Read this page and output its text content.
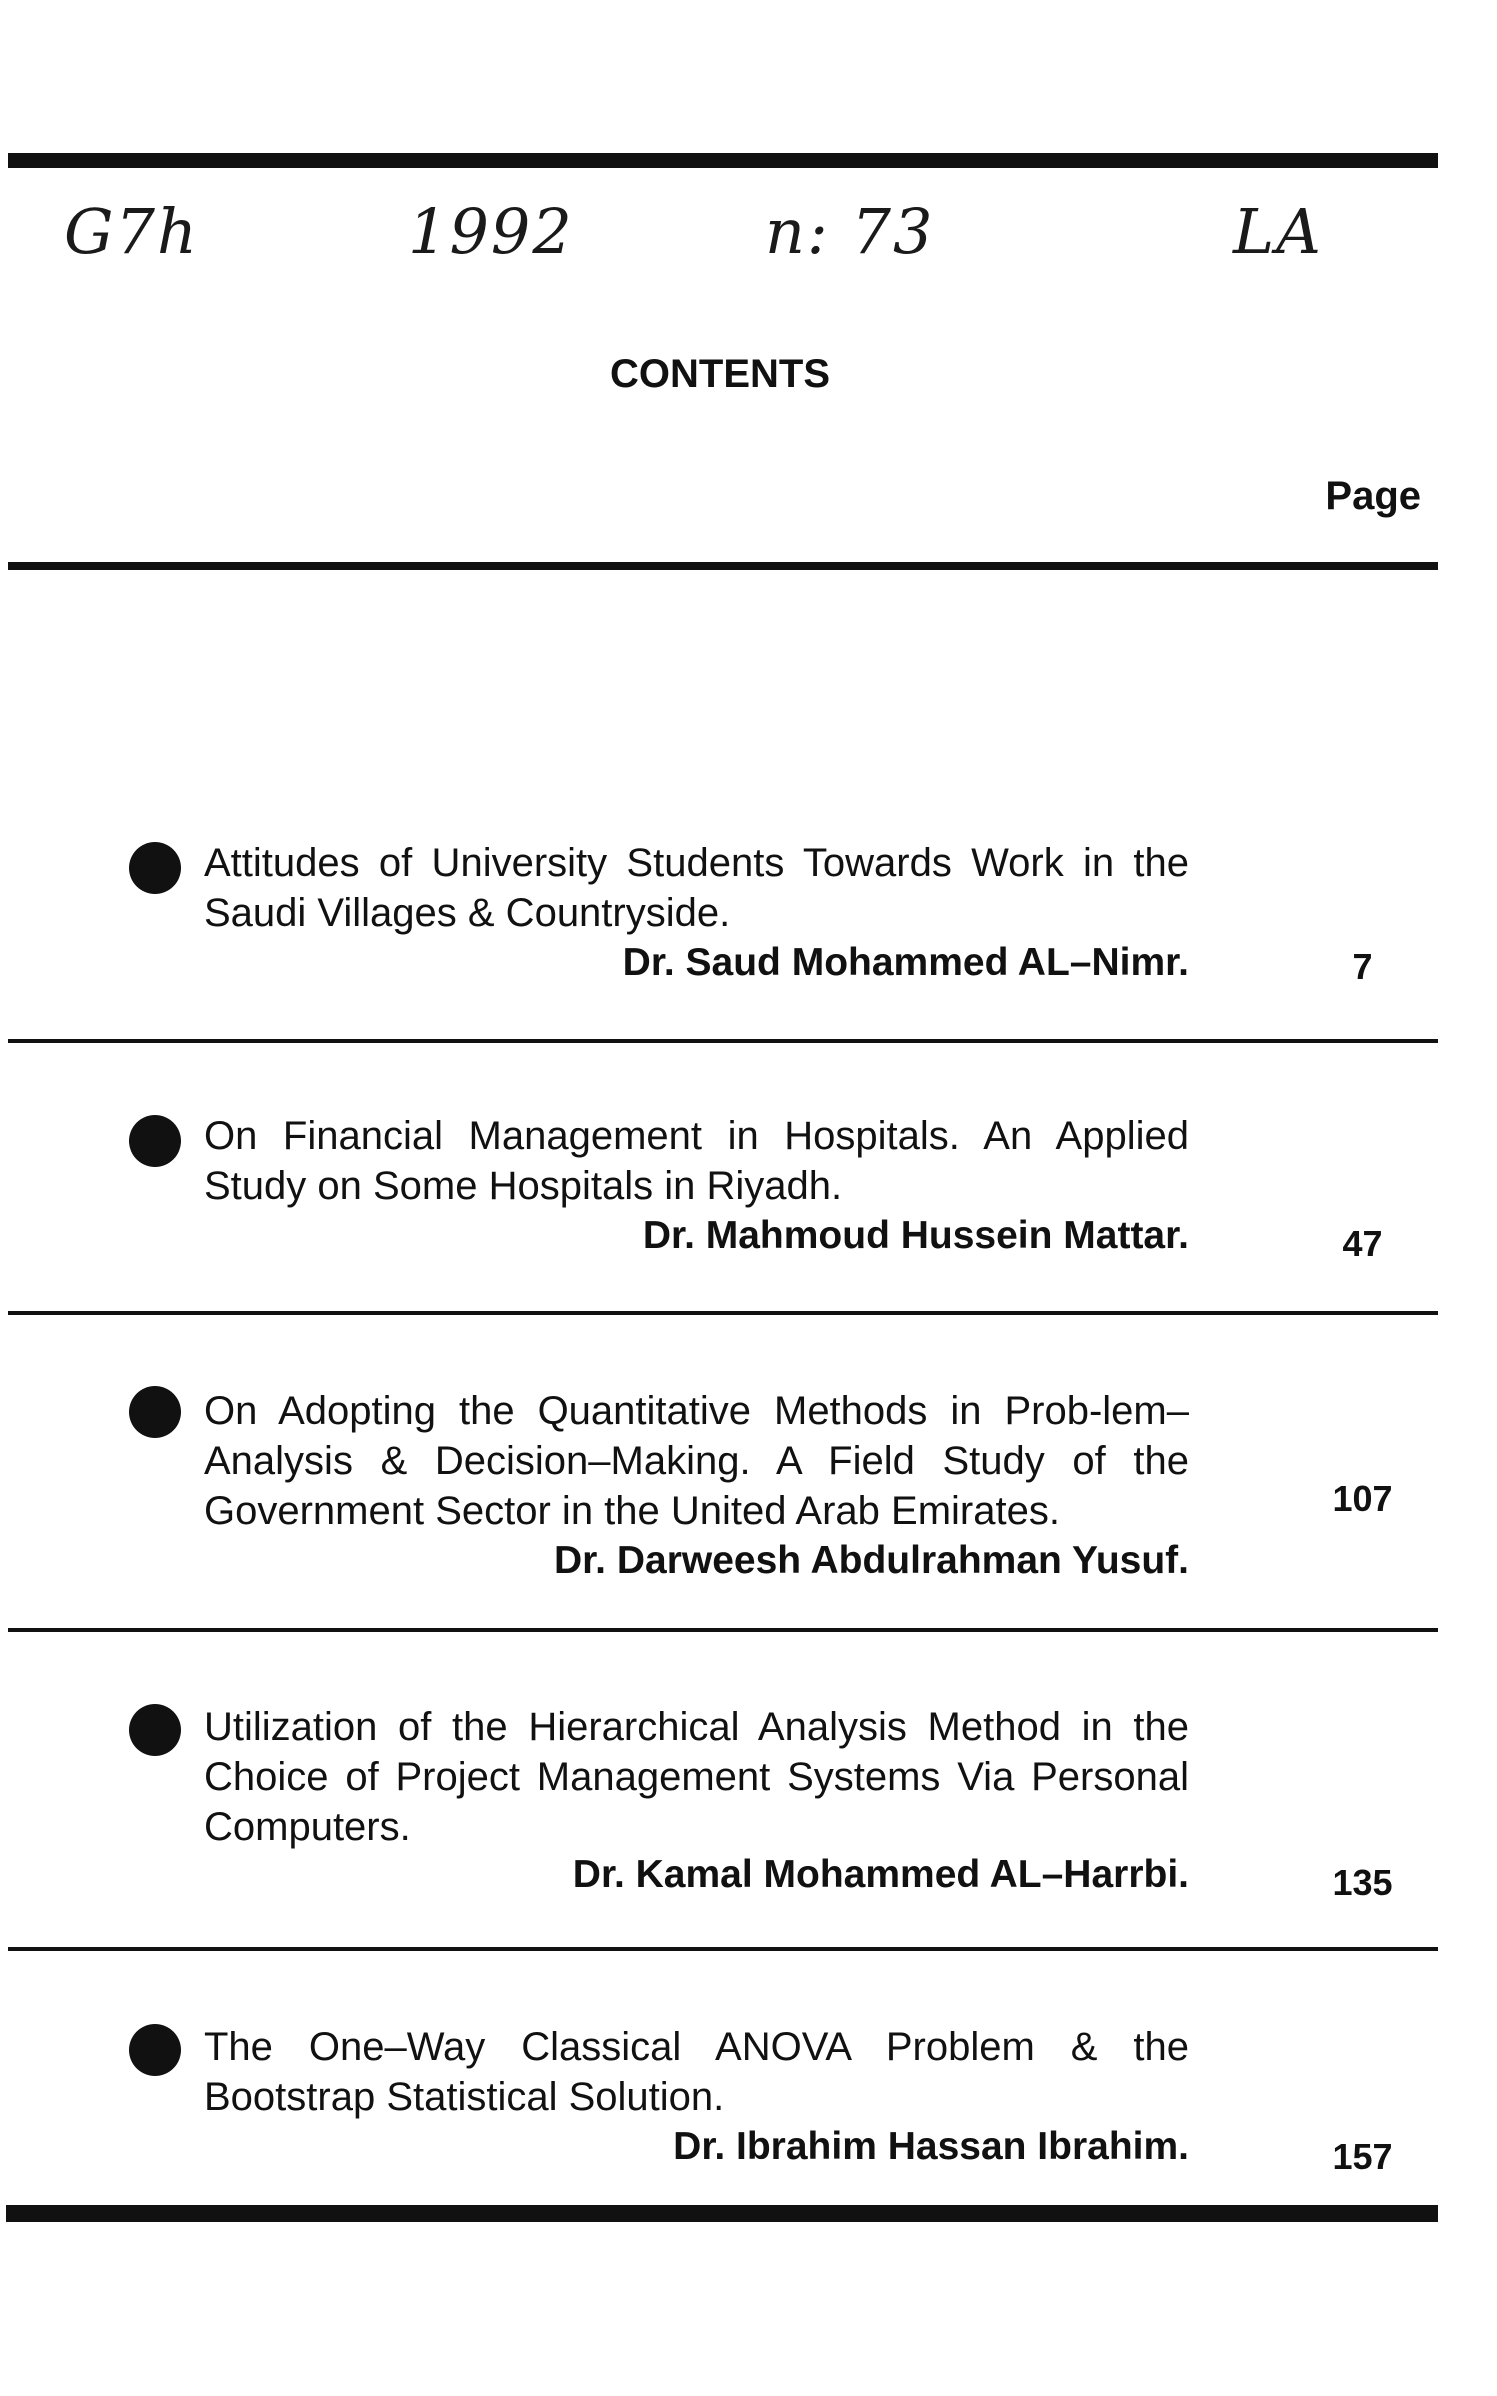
G7h	1992	n: 73	LA
CONTENTS
Page
Attitudes of University Students Towards Work in the Saudi Villages & Countryside.
Dr. Saud Mohammed AL–Nimr.	7
On Financial Management in Hospitals. An Applied Study on Some Hospitals in Riyadh.
Dr. Mahmoud Hussein Mattar.	47
On Adopting the Quantitative Methods in Prob-lem–Analysis & Decision–Making. A Field Study of the Government Sector in the United Arab Emirates.
Dr. Darweesh Abdulrahman Yusuf.
107
Utilization of the Hierarchical Analysis Method in the Choice of Project Management Systems Via Personal Computers.
Dr. Kamal Mohammed AL–Harrbi.	135
The One–Way Classical ANOVA Problem & the Bootstrap Statistical Solution.
Dr. Ibrahim Hassan Ibrahim.	157
